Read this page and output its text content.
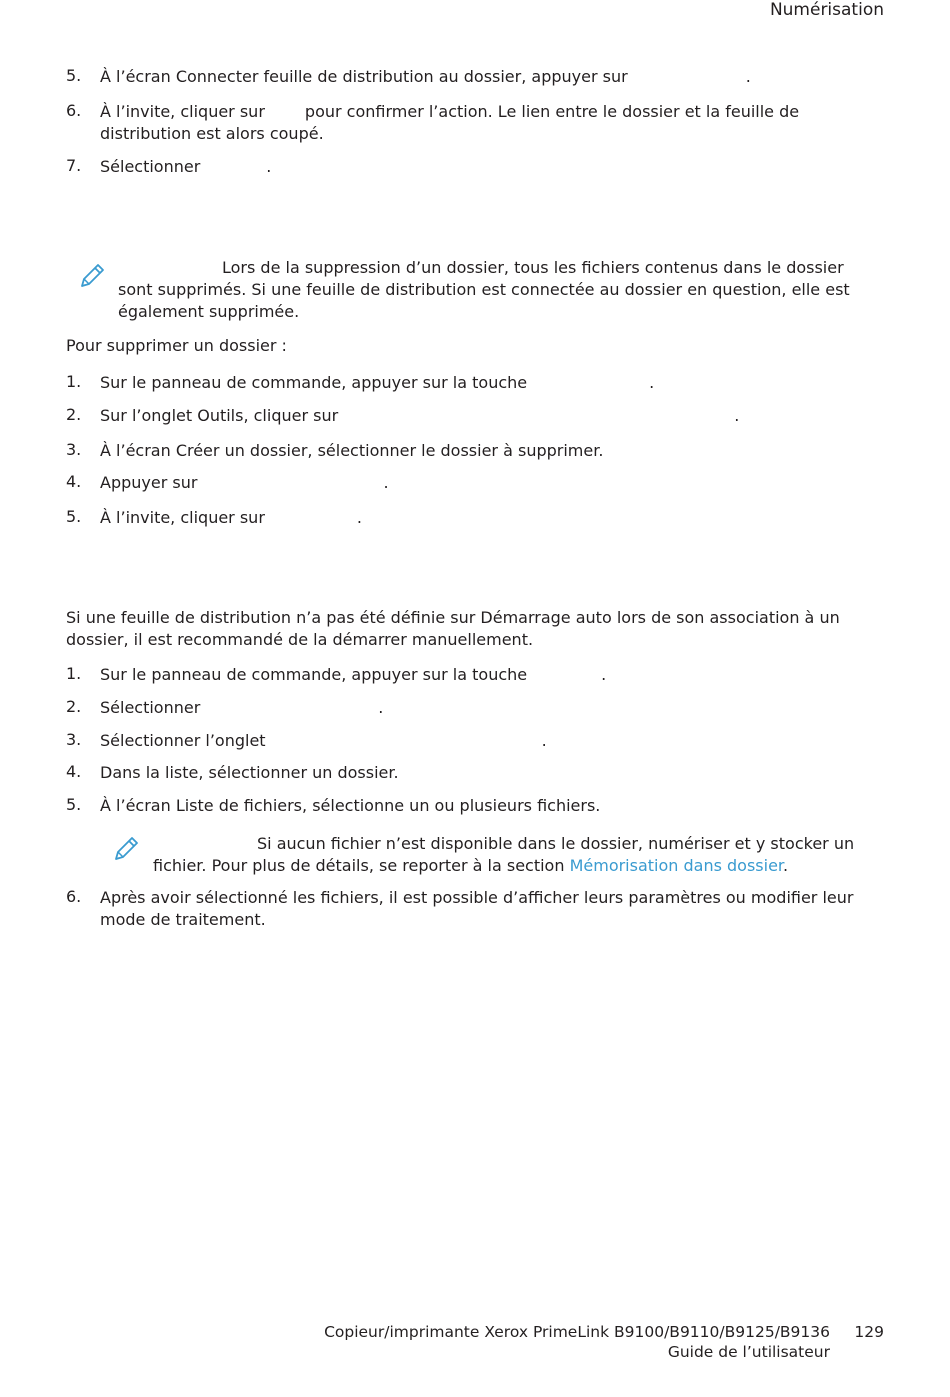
Numérisation
5. À l’écran Connecter feuille de distribution au dossier, appuyer sur	.
6. À l’invite, cliquer sur	pour confirmer l’action. Le lien entre le dossier et la feuille de distribution est alors coupé.
7. Sélectionner	.
Lors de la suppression d’un dossier, tous les fichiers contenus dans le dossier sont supprimés. Si une feuille de distribution est connectée au dossier en question, elle est également supprimée.
Pour supprimer un dossier :
1. Sur le panneau de commande, appuyer sur la touche	.
2. Sur l’onglet Outils, cliquer sur	.
3. À l’écran Créer un dossier, sélectionner le dossier à supprimer.
4. Appuyer sur	.
5. À l’invite, cliquer sur	.
Si une feuille de distribution n’a pas été définie sur Démarrage auto lors de son association à un dossier, il est recommandé de la démarrer manuellement.
1. Sur le panneau de commande, appuyer sur la touche	.
2. Sélectionner	.
3. Sélectionner l’onglet	.
4. Dans la liste, sélectionner un dossier.
5. À l’écran Liste de fichiers, sélectionne un ou plusieurs fichiers.
Si aucun fichier n’est disponible dans le dossier, numériser et y stocker un fichier. Pour plus de détails, se reporter à la section Mémorisation dans dossier.
6. Après avoir sélectionné les fichiers, il est possible d’afficher leurs paramètres ou modifier leur mode de traitement.
Copieur/imprimante Xerox PrimeLink B9100/B9110/B9125/B9136 129
Guide de l’utilisateur
